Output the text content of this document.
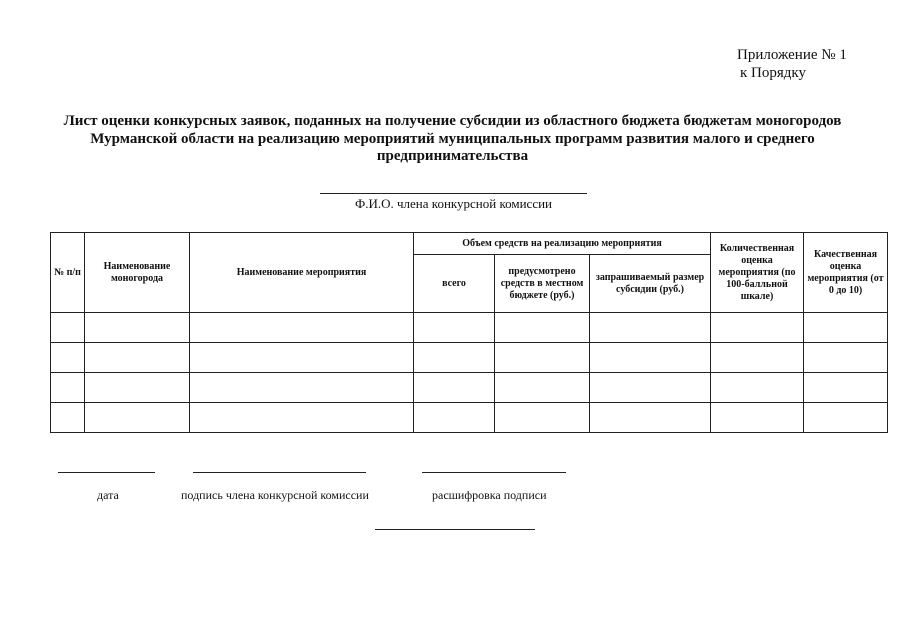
Приложение № 1
к Порядку
Лист оценки конкурсных заявок, поданных на получение субсидии из областного бюджета бюджетам моногородов Мурманской области на реализацию мероприятий муниципальных программ развития малого и среднего предпринимательства
Ф.И.О. члена конкурсной комиссии
№ п/п	Наименование моногорода	Наименование мероприятия	Объем средств на реализацию мероприятия			Количественная оценка мероприятия (по 100-балльной шкале)	Качественная оценка мероприятия (от 0 до 10)
			всего	предусмотрено средств в местном бюджете (руб.)	запрашиваемый размер субсидии (руб.)		

дата	подпись члена конкурсной комиссии	расшифровка подписи
